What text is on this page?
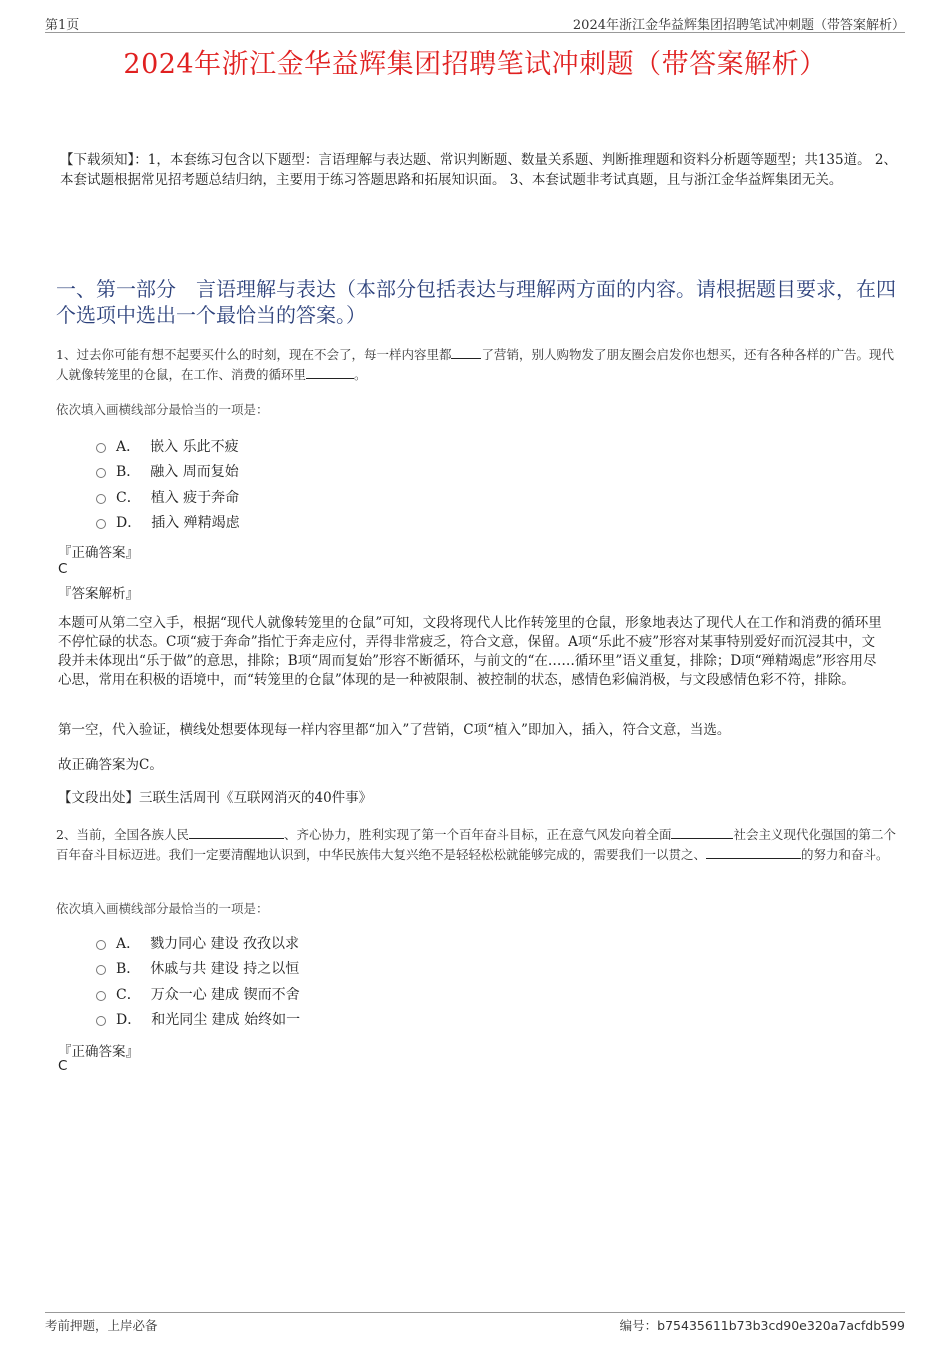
第1页	2024年浙江金华益辉集团招聘笔试冲刺题（带答案解析）
2024年浙江金华益辉集团招聘笔试冲刺题（带答案解析）
【下载须知】：1，本套练习包含以下题型：言语理解与表达题、常识判断题、数量关系题、判断推理题和资料分析题等题型；共135道。 2、本套试题根据常见招考题总结归纳，主要用于练习答题思路和拓展知识面。 3、本套试题非考试真题，且与浙江金华益辉集团无关。
一、第一部分　言语理解与表达（本部分包括表达与理解两方面的内容。请根据题目要求，在四个选项中选出一个最恰当的答案。）
1、过去你可能有想不起要买什么的时刻，现在不会了，每一样内容里都 了营销，别人购物发了朋友圈会启发你也想买，还有各种各样的广告。现代人就像转笼里的仓鼠，在工作、消费的循环里	。
依次填入画横线部分最恰当的一项是：
A． 嵌入 乐此不疲
B． 融入 周而复始
C． 植入 疲于奔命
D． 插入 殚精竭虑
『正确答案』
C
『答案解析』
本题可从第二空入手，根据“现代人就像转笼里的仓鼠”可知，文段将现代人比作转笼里的仓鼠，形象地表达了现代人在工作和消费的循环里不停忙碌的状态。C项“疲于奔命”指忙于奔走应付，弄得非常疲乏，符合文意，保留。A项“乐此不疲”形容对某事特别爱好而沉浸其中，文段并未体现出“乐于做”的意思，排除；B项“周而复始”形容不断循环，与前文的“在……循环里”语义重复，排除；D项“殚精竭虑”形容用尽心思，常用在积极的语境中，而“转笼里的仓鼠”体现的是一种被限制、被控制的状态，感情色彩偏消极，与文段感情色彩不符，排除。
第一空，代入验证，横线处想要体现每一样内容里都“加入”了营销，C项“植入”即加入，插入，符合文意，当选。
故正确答案为C。
【文段出处】三联生活周刊《互联网消灭的40件事》
2、当前，全国各族人民	、齐心协力，胜利实现了第一个百年奋斗目标，正在意气风发向着全面	社会主义现代化强国的第二个百年奋斗目标迈进。我们一定要清醒地认识到，中华民族伟大复兴绝不是轻轻松松就能够完成的，需要我们一以贯之、	的努力和奋斗。
依次填入画横线部分最恰当的一项是：
A． 戮力同心 建设 孜孜以求
B． 休戚与共 建设 持之以恒
C． 万众一心 建成 锲而不舍
D． 和光同尘 建成 始终如一
『正确答案』
C
考前押题，上岸必备	编号：b75435611b73b3cd90e320a7acfdb599
